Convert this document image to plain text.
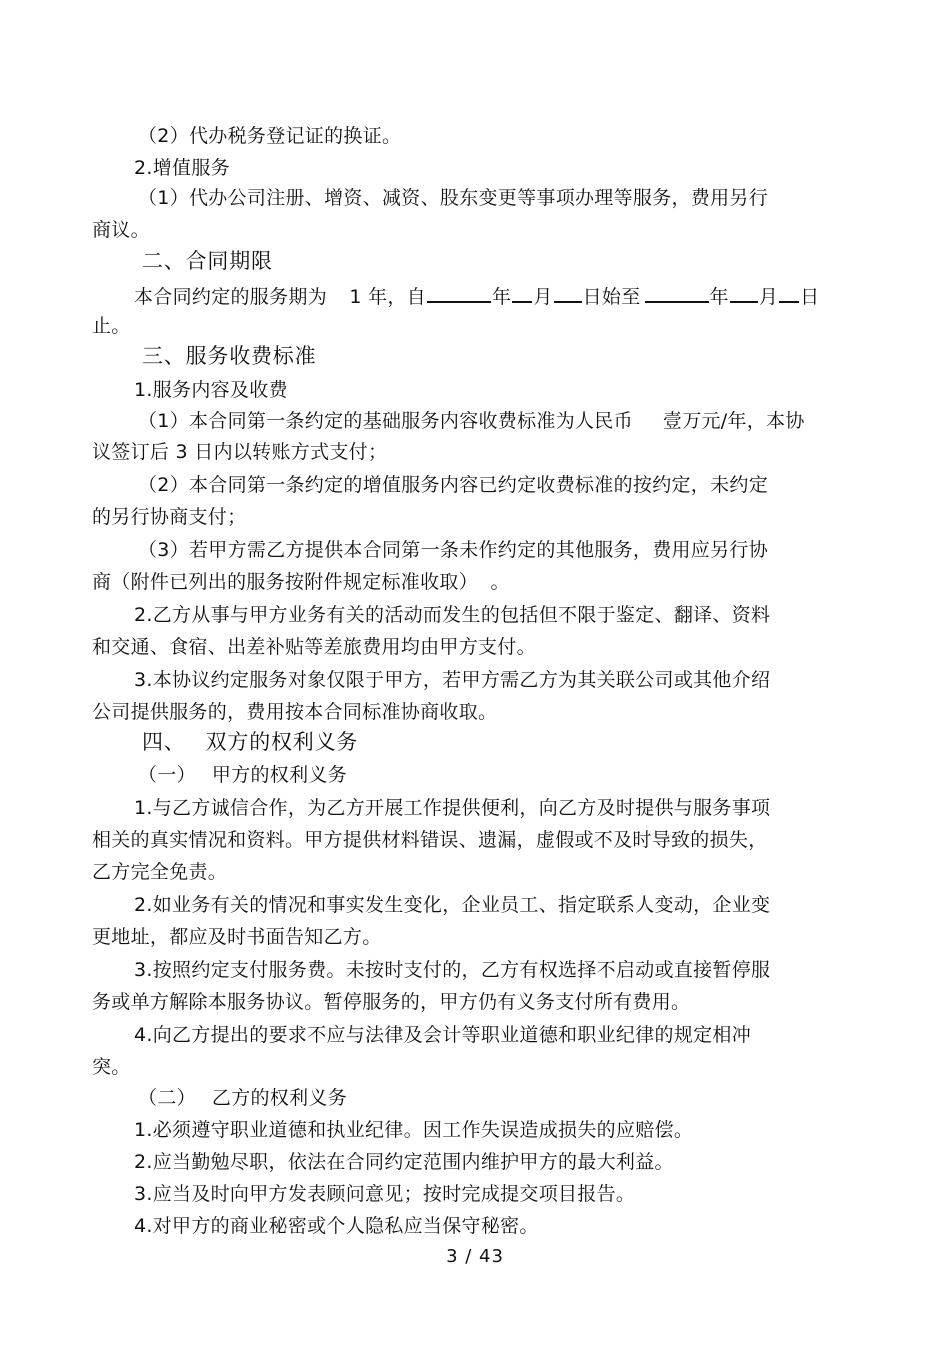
（2）代办税务登记证的换证。
2.增值服务
（1）代办公司注册、增资、减资、股东变更等事项办理等服务，费用另行
商议。
二、合同期限
本合同约定的服务期为 1 年，自	年 月 日始至	年 月 日
止。
三、服务收费标准
1.服务内容及收费
（1）本合同第一条约定的基础服务内容收费标准为人民币 壹万元/年，本协
议签订后 3 日内以转账方式支付；
（2）本合同第一条约定的增值服务内容已约定收费标准的按约定，未约定
的另行协商支付；
（3）若甲方需乙方提供本合同第一条未作约定的其他服务，费用应另行协
商（附件已列出的服务按附件规定标准收取） 。
2.乙方从事与甲方业务有关的活动而发生的包括但不限于鉴定、翻译、资料
和交通、食宿、出差补贴等差旅费用均由甲方支付。
3.本协议约定服务对象仅限于甲方，若甲方需乙方为其关联公司或其他介绍
公司提供服务的，费用按本合同标准协商收取。
四、 双方的权利义务
（一） 甲方的权利义务
1.与乙方诚信合作，为乙方开展工作提供便利，向乙方及时提供与服务事项
相关的真实情况和资料。甲方提供材料错误、遗漏，虚假或不及时导致的损失，
乙方完全免责。
2.如业务有关的情况和事实发生变化，企业员工、指定联系人变动，企业变
更地址，都应及时书面告知乙方。
3.按照约定支付服务费。未按时支付的，乙方有权选择不启动或直接暂停服
务或单方解除本服务协议。暂停服务的，甲方仍有义务支付所有费用。
4.向乙方提出的要求不应与法律及会计等职业道德和职业纪律的规定相冲
突。
（二） 乙方的权利义务
1.必须遵守职业道德和执业纪律。因工作失误造成损失的应赔偿。
2.应当勤勉尽职，依法在合同约定范围内维护甲方的最大利益。
3.应当及时向甲方发表顾问意见；按时完成提交项目报告。
4.对甲方的商业秘密或个人隐私应当保守秘密。
3 / 43
